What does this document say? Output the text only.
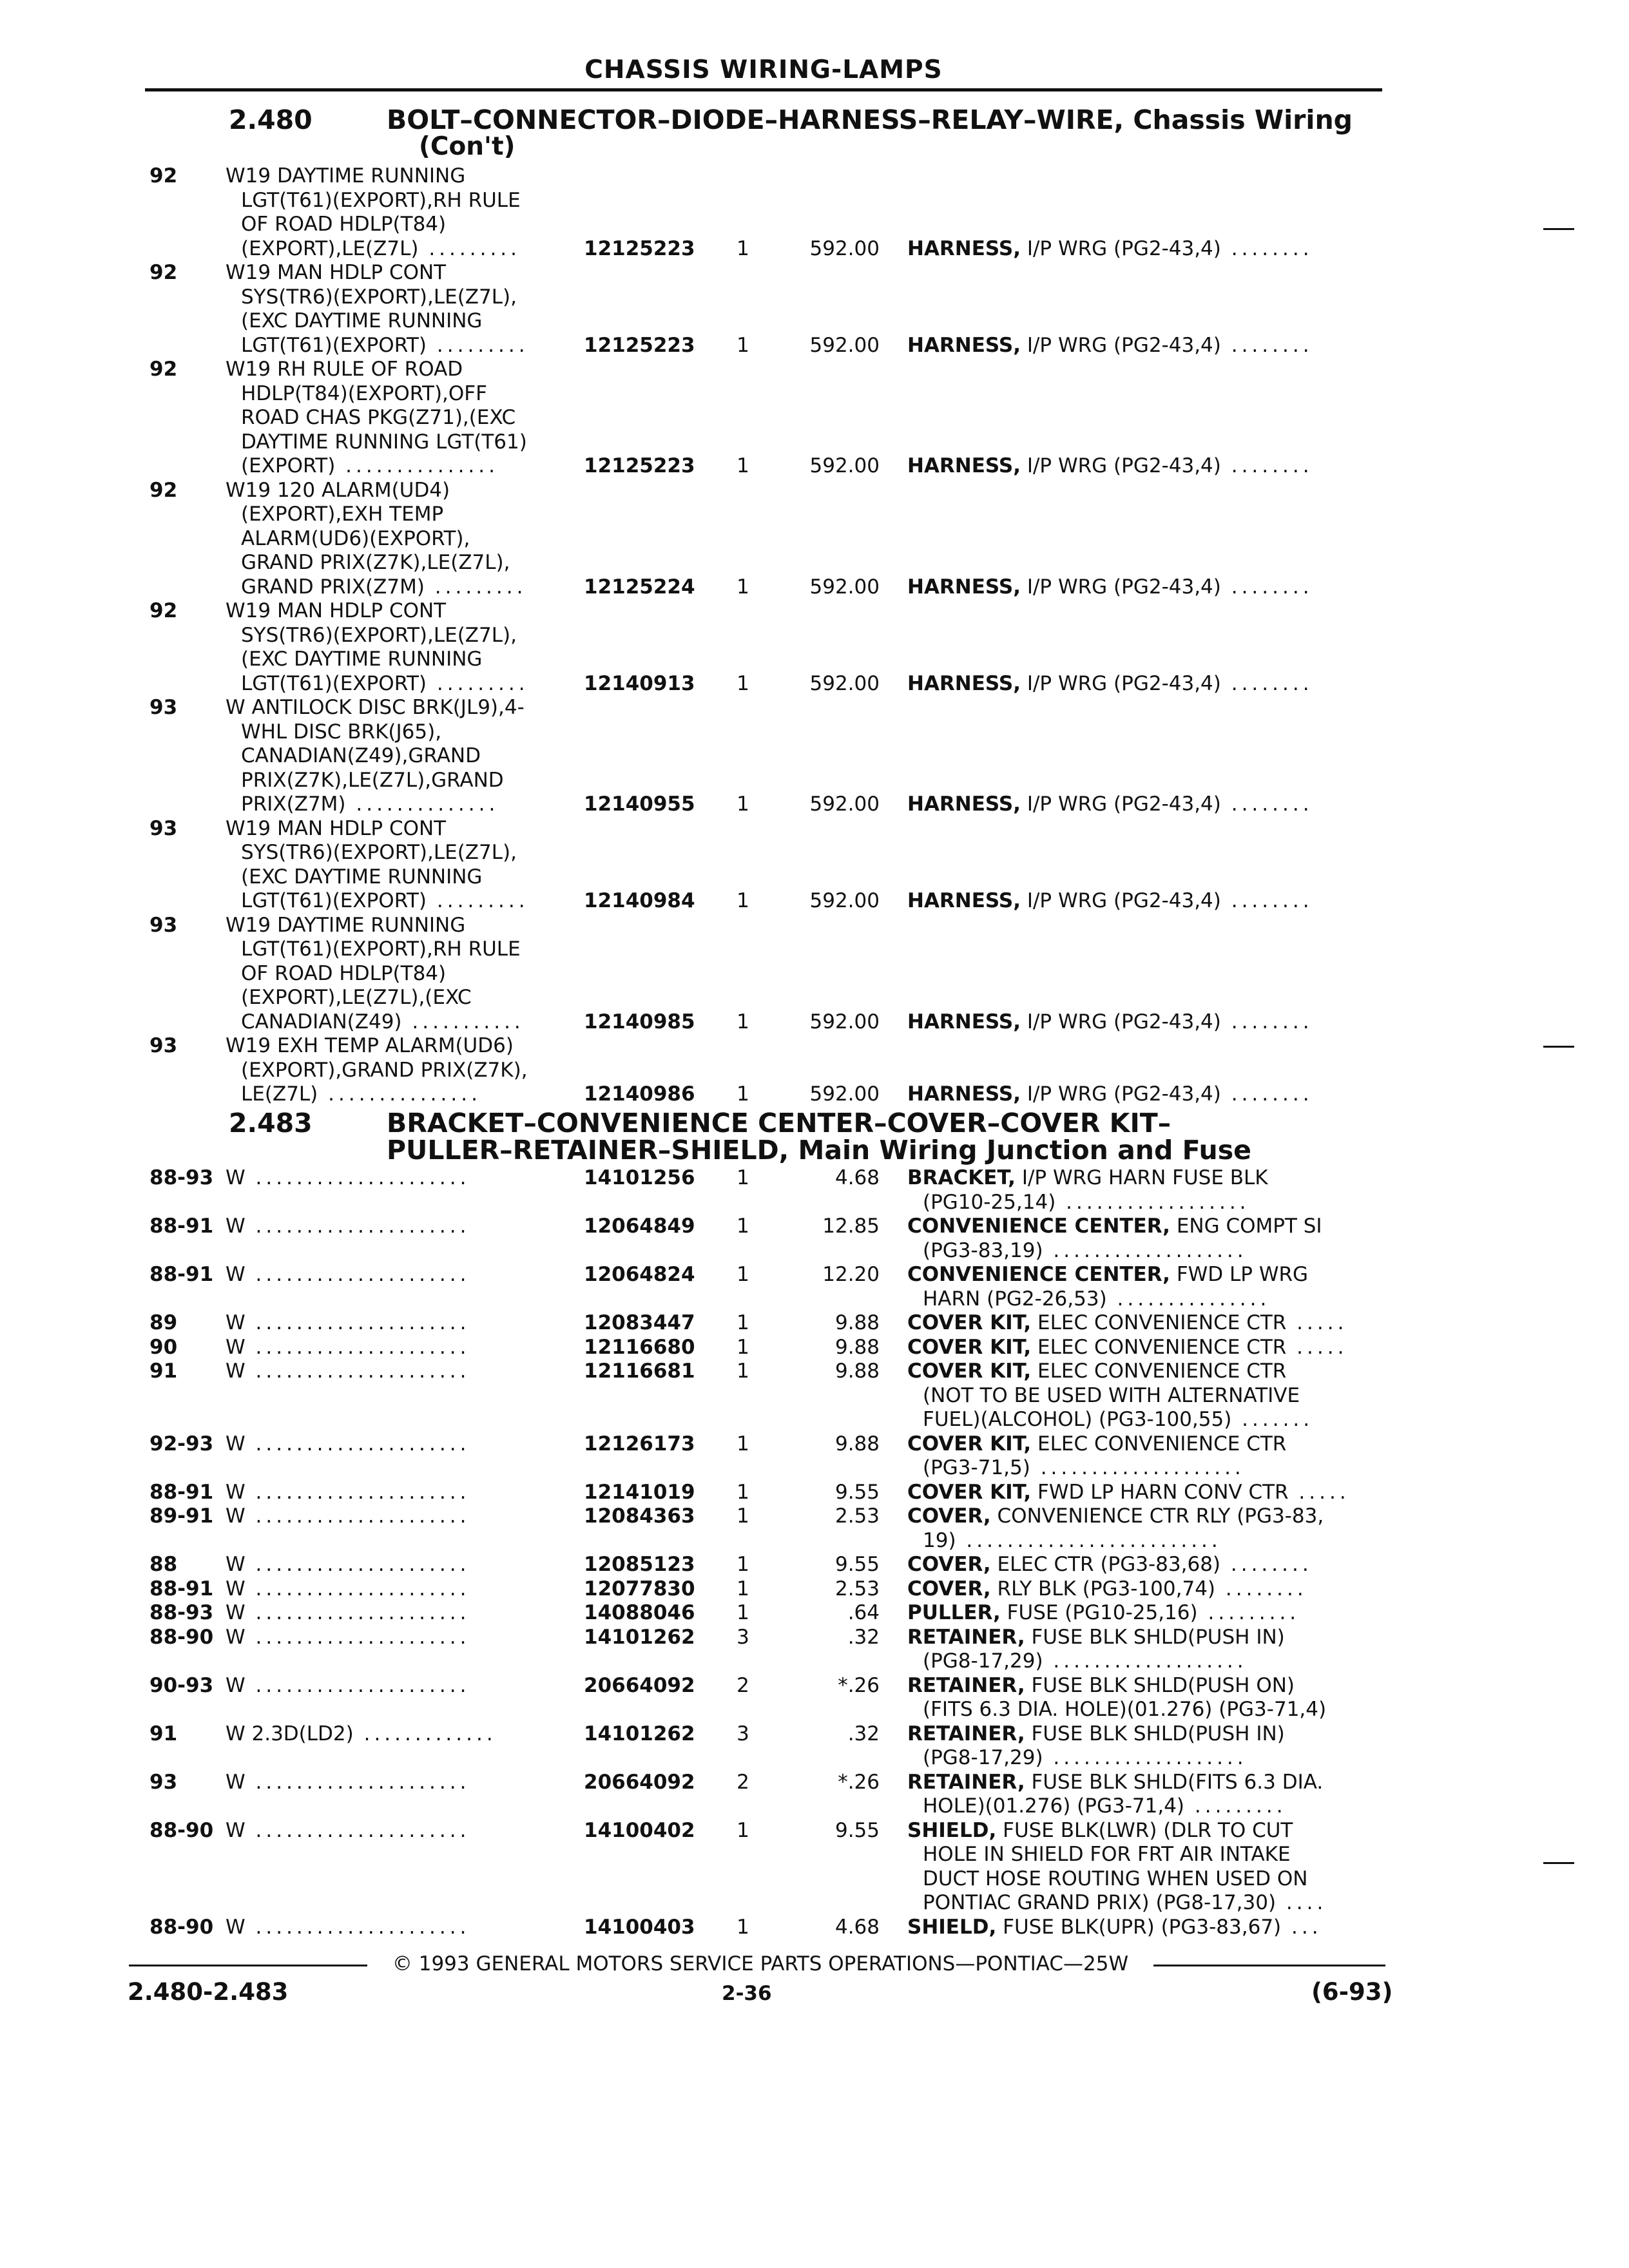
CHASSIS WIRING-LAMPS
2.480	BOLT–CONNECTOR–DIODE–HARNESS–RELAY–WIRE, Chassis Wiring
(Con't)
92	W19 DAYTIME RUNNING
LGT(T61)(EXPORT),RH RULE
OF ROAD HDLP(T84)
(EXPORT),LE(Z7L) .........	12125223	1	592.00 HARNESS, I/P WRG (PG2-43,4) ........
92	W19 MAN HDLP CONT
SYS(TR6)(EXPORT),LE(Z7L),
(EXC DAYTIME RUNNING
LGT(T61)(EXPORT) .........	12125223	1	592.00 HARNESS, I/P WRG (PG2-43,4) ........
92	W19 RH RULE OF ROAD
HDLP(T84)(EXPORT),OFF
ROAD CHAS PKG(Z71),(EXC
DAYTIME RUNNING LGT(T61)
(EXPORT) ...............	12125223	1	592.00 HARNESS, I/P WRG (PG2-43,4) ........
92	W19 120 ALARM(UD4)
(EXPORT),EXH TEMP
ALARM(UD6)(EXPORT),
GRAND PRIX(Z7K),LE(Z7L),
GRAND PRIX(Z7M) .........	12125224	1	592.00 HARNESS, I/P WRG (PG2-43,4) ........
92	W19 MAN HDLP CONT
SYS(TR6)(EXPORT),LE(Z7L),
(EXC DAYTIME RUNNING
LGT(T61)(EXPORT) .........	12140913	1	592.00 HARNESS, I/P WRG (PG2-43,4) ........
93	W ANTILOCK DISC BRK(JL9),4-
WHL DISC BRK(J65),
CANADIAN(Z49),GRAND
PRIX(Z7K),LE(Z7L),GRAND
PRIX(Z7M) ..............	12140955	1	592.00 HARNESS, I/P WRG (PG2-43,4) ........
93	W19 MAN HDLP CONT
SYS(TR6)(EXPORT),LE(Z7L),
(EXC DAYTIME RUNNING
LGT(T61)(EXPORT) .........	12140984	1	592.00 HARNESS, I/P WRG (PG2-43,4) ........
93	W19 DAYTIME RUNNING
LGT(T61)(EXPORT),RH RULE
OF ROAD HDLP(T84)
(EXPORT),LE(Z7L),(EXC
CANADIAN(Z49) ...........	12140985	1	592.00 HARNESS, I/P WRG (PG2-43,4) ........
93	W19 EXH TEMP ALARM(UD6)
(EXPORT),GRAND PRIX(Z7K),
LE(Z7L) ...............	12140986	1	592.00 HARNESS, I/P WRG (PG2-43,4) ........
2.483	BRACKET–CONVENIENCE CENTER–COVER–COVER KIT–
PULLER–RETAINER–SHIELD, Main Wiring Junction and Fuse
88-93 W .....................	14101256	1	4.68 BRACKET, I/P WRG HARN FUSE BLK
(PG10-25,14) ..................
88-91 W .....................	12064849	1	12.85 CONVENIENCE CENTER, ENG COMPT SI
(PG3-83,19) ...................
88-91 W .....................	12064824	1	12.20 CONVENIENCE CENTER, FWD LP WRG
HARN (PG2-26,53) ...............
89	W .....................	12083447	1	9.88 COVER KIT, ELEC CONVENIENCE CTR .....
90	W .....................	12116680	1	9.88 COVER KIT, ELEC CONVENIENCE CTR .....
91	W .....................	12116681	1	9.88 COVER KIT, ELEC CONVENIENCE CTR
(NOT TO BE USED WITH ALTERNATIVE
FUEL)(ALCOHOL) (PG3-100,55) .......
92-93 W .....................	12126173	1	9.88 COVER KIT, ELEC CONVENIENCE CTR
(PG3-71,5) ....................
88-91 W .....................	12141019	1	9.55 COVER KIT, FWD LP HARN CONV CTR .....
89-91 W .....................	12084363	1	2.53 COVER, CONVENIENCE CTR RLY (PG3-83,
19) .........................
88	W .....................	12085123	1	9.55 COVER, ELEC CTR (PG3-83,68) ........
88-91 W .....................	12077830	1	2.53 COVER, RLY BLK (PG3-100,74) ........
88-93 W .....................	14088046	1	.64 PULLER, FUSE (PG10-25,16) .........
88-90 W .....................	14101262	3	.32 RETAINER, FUSE BLK SHLD(PUSH IN)
(PG8-17,29) ...................
90-93 W .....................	20664092	2	*.26 RETAINER, FUSE BLK SHLD(PUSH ON)
(FITS 6.3 DIA. HOLE)(01.276) (PG3-71,4)
91	W 2.3D(LD2) .............	14101262	3	.32 RETAINER, FUSE BLK SHLD(PUSH IN)
(PG8-17,29) ...................
93	W .....................	20664092	2	*.26 RETAINER, FUSE BLK SHLD(FITS 6.3 DIA.
HOLE)(01.276) (PG3-71,4) .........
88-90 W .....................	14100402	1	9.55 SHIELD, FUSE BLK(LWR) (DLR TO CUT
HOLE IN SHIELD FOR FRT AIR INTAKE
DUCT HOSE ROUTING WHEN USED ON
PONTIAC GRAND PRIX) (PG8-17,30) ....
88-90 W .....................	14100403	1	4.68 SHIELD, FUSE BLK(UPR) (PG3-83,67) ...
© 1993 GENERAL MOTORS SERVICE PARTS OPERATIONS—PONTIAC—25W
2.480-2.483	2-36	(6-93)
